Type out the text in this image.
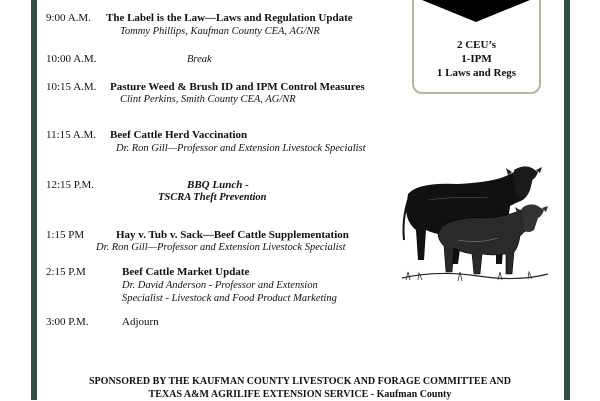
9:00 A.M. The Label is the Law—Laws and Regulation Update
Tommy Phillips, Kaufman County CEA, AG/NR
10:00 A.M.	Break
10:15 A.M. Pasture Weed & Brush ID and IPM Control Measures
Clint Perkins, Smith County CEA, AG/NR
11:15 A.M. Beef Cattle Herd Vaccination
Dr. Ron Gill—Professor and Extension Livestock Specialist
12:15 P.M.	BBQ Lunch -
TSCRA Theft Prevention
1:15 PM	Hay v. Tub v. Sack—Beef Cattle Supplementation
Dr. Ron Gill—Professor and Extension Livestock Specialist
2:15 P.M	Beef Cattle Market Update
Dr. David Anderson - Professor and Extension
Specialist - Livestock and Food Product Marketing
3:00 P.M.	Adjourn
2 CEU’s
1-IPM
1 Laws and Regs
SPONSORED BY THE KAUFMAN COUNTY LIVESTOCK AND FORAGE COMMITTEE AND
TEXAS A&M AGRILIFE EXTENSION SERVICE - Kaufman County
